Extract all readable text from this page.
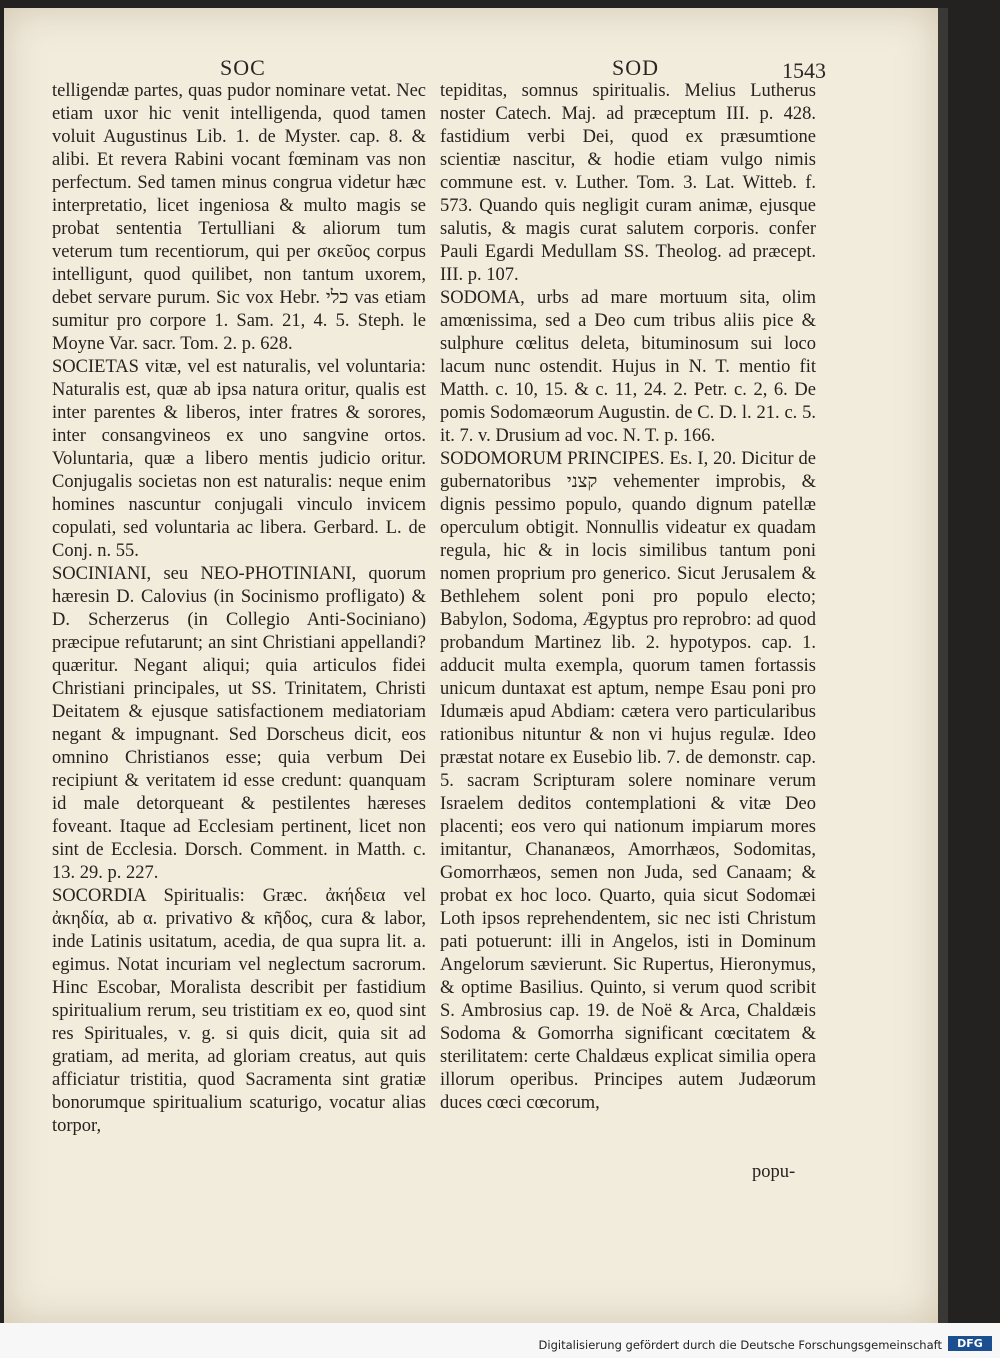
SOC	SOD	1543

telligendæ partes, quas pudor nominare vetat. Nec etiam uxor hic venit intelligenda, quod tamen voluit Augustinus Lib. 1. de Myster. cap. 8. & alibi. Et revera Rabini vocant fœminam vas non perfectum. Sed tamen minus congrua videtur hæc interpretatio, licet ingeniosa & multo magis se probat sententia Tertulliani & aliorum tum veterum tum recentiorum, qui per σκεῦος corpus intelligunt, quod quilibet, non tantum uxorem, debet servare purum. Sic vox Hebr. כלי vas etiam sumitur pro corpore 1. Sam. 21, 4. 5. Steph. le Moyne Var. sacr. Tom. 2. p. 628.

SOCIETAS vitæ, vel est naturalis, vel voluntaria: Naturalis est, quæ ab ipsa natura oritur, qualis est inter parentes & liberos, inter fratres & sorores, inter consangvineos ex uno sangvine ortos. Voluntaria, quæ a libero mentis judicio oritur. Conjugalis societas non est naturalis: neque enim homines nascuntur conjugali vinculo invicem copulati, sed voluntaria ac libera. Gerbard. L. de Conj. n. 55.

SOCINIANI, seu NEO-PHOTINIANI, quorum hæresin D. Calovius (in Socinismo profligato) & D. Scherzerus (in Collegio Anti-Sociniano) præcipue refutarunt; an sint Christiani appellandi? quæritur. Negant aliqui; quia articulos fidei Christiani principales, ut SS. Trinitatem, Christi Deitatem & ejusque satisfactionem mediatoriam negant & impugnant. Sed Dorscheus dicit, eos omnino Christianos esse; quia verbum Dei recipiunt & veritatem id esse credunt: quanquam id male detorqueant & pestilentes hæreses foveant. Itaque ad Ecclesiam pertinent, licet non sint de Ecclesia. Dorsch. Comment. in Matth. c. 13. 29. p. 227.

SOCORDIA Spiritualis: Græc. ἀκήδεια vel ἀκηδία, ab α. privativo & κῆδος, cura & labor, inde Latinis usitatum, acedia, de qua supra lit. a. egimus. Notat incuriam vel neglectum sacrorum. Hinc Escobar, Moralista describit per fastidium spiritualium rerum, seu tristitiam ex eo, quod sint res Spirituales, v. g. si quis dicit, quia sit ad gratiam, ad merita, ad gloriam creatus, aut quis afficiatur tristitia, quod Sacramenta sint gratiæ bonorumque spiritualium scaturigo, vocatur alias torpor,

tepiditas, somnus spiritualis. Melius Lutherus noster Catech. Maj. ad præceptum III. p. 428. fastidium verbi Dei, quod ex præsumtione scientiæ nascitur, & hodie etiam vulgo nimis commune est. v. Luther. Tom. 3. Lat. Witteb. f. 573. Quando quis negligit curam animæ, ejusque salutis, & magis curat salutem corporis. confer Pauli Egardi Medullam SS. Theolog. ad præcept. III. p. 107.

SODOMA, urbs ad mare mortuum sita, olim amœnissima, sed a Deo cum tribus aliis pice & sulphure cœlitus deleta, bituminosum sui loco lacum nunc ostendit. Hujus in N. T. mentio fit Matth. c. 10, 15. & c. 11, 24. 2. Petr. c. 2, 6. De pomis Sodomæorum Augustin. de C. D. l. 21. c. 5. it. 7. v. Drusium ad voc. N. T. p. 166.

SODOMORUM PRINCIPES. Es. I, 20. Dicitur de gubernatoribus קצני vehementer improbis, & dignis pessimo populo, quando dignum patellæ operculum obtigit. Nonnullis videatur ex quadam regula, hic & in locis similibus tantum poni nomen proprium pro generico. Sicut Jerusalem & Bethlehem solent poni pro populo electo; Babylon, Sodoma, Ægyptus pro reprobro: ad quod probandum Martinez lib. 2. hypotypos. cap. 1. adducit multa exempla, quorum tamen fortassis unicum duntaxat est aptum, nempe Esau poni pro Idumæis apud Abdiam: cætera vero particularibus rationibus nituntur & non vi hujus regulæ. Ideo præstat notare ex Eusebio lib. 7. de demonstr. cap. 5. sacram Scripturam solere nominare verum Israelem deditos contemplationi & vitæ Deo placenti; eos vero qui nationum impiarum mores imitantur, Chananæos, Amorrhæos, Sodomitas, Gomorrhæos, semen non Juda, sed Canaam; & probat ex hoc loco. Quarto, quia sicut Sodomæi Loth ipsos reprehendentem, sic nec isti Christum pati potuerunt: illi in Angelos, isti in Dominum Angelorum sævierunt. Sic Rupertus, Hieronymus, & optime Basilius. Quinto, si verum quod scribit S. Ambrosius cap. 19. de Noë & Arca, Chaldæis Sodoma & Gomorrha significant cœcitatem & sterilitatem: certe Chaldæus explicat similia opera illorum operibus. Principes autem Judæorum duces cœci cœcorum,

popu-
Digitalisierung gefördert durch die Deutsche Forschungsgemeinschaft	DFG
